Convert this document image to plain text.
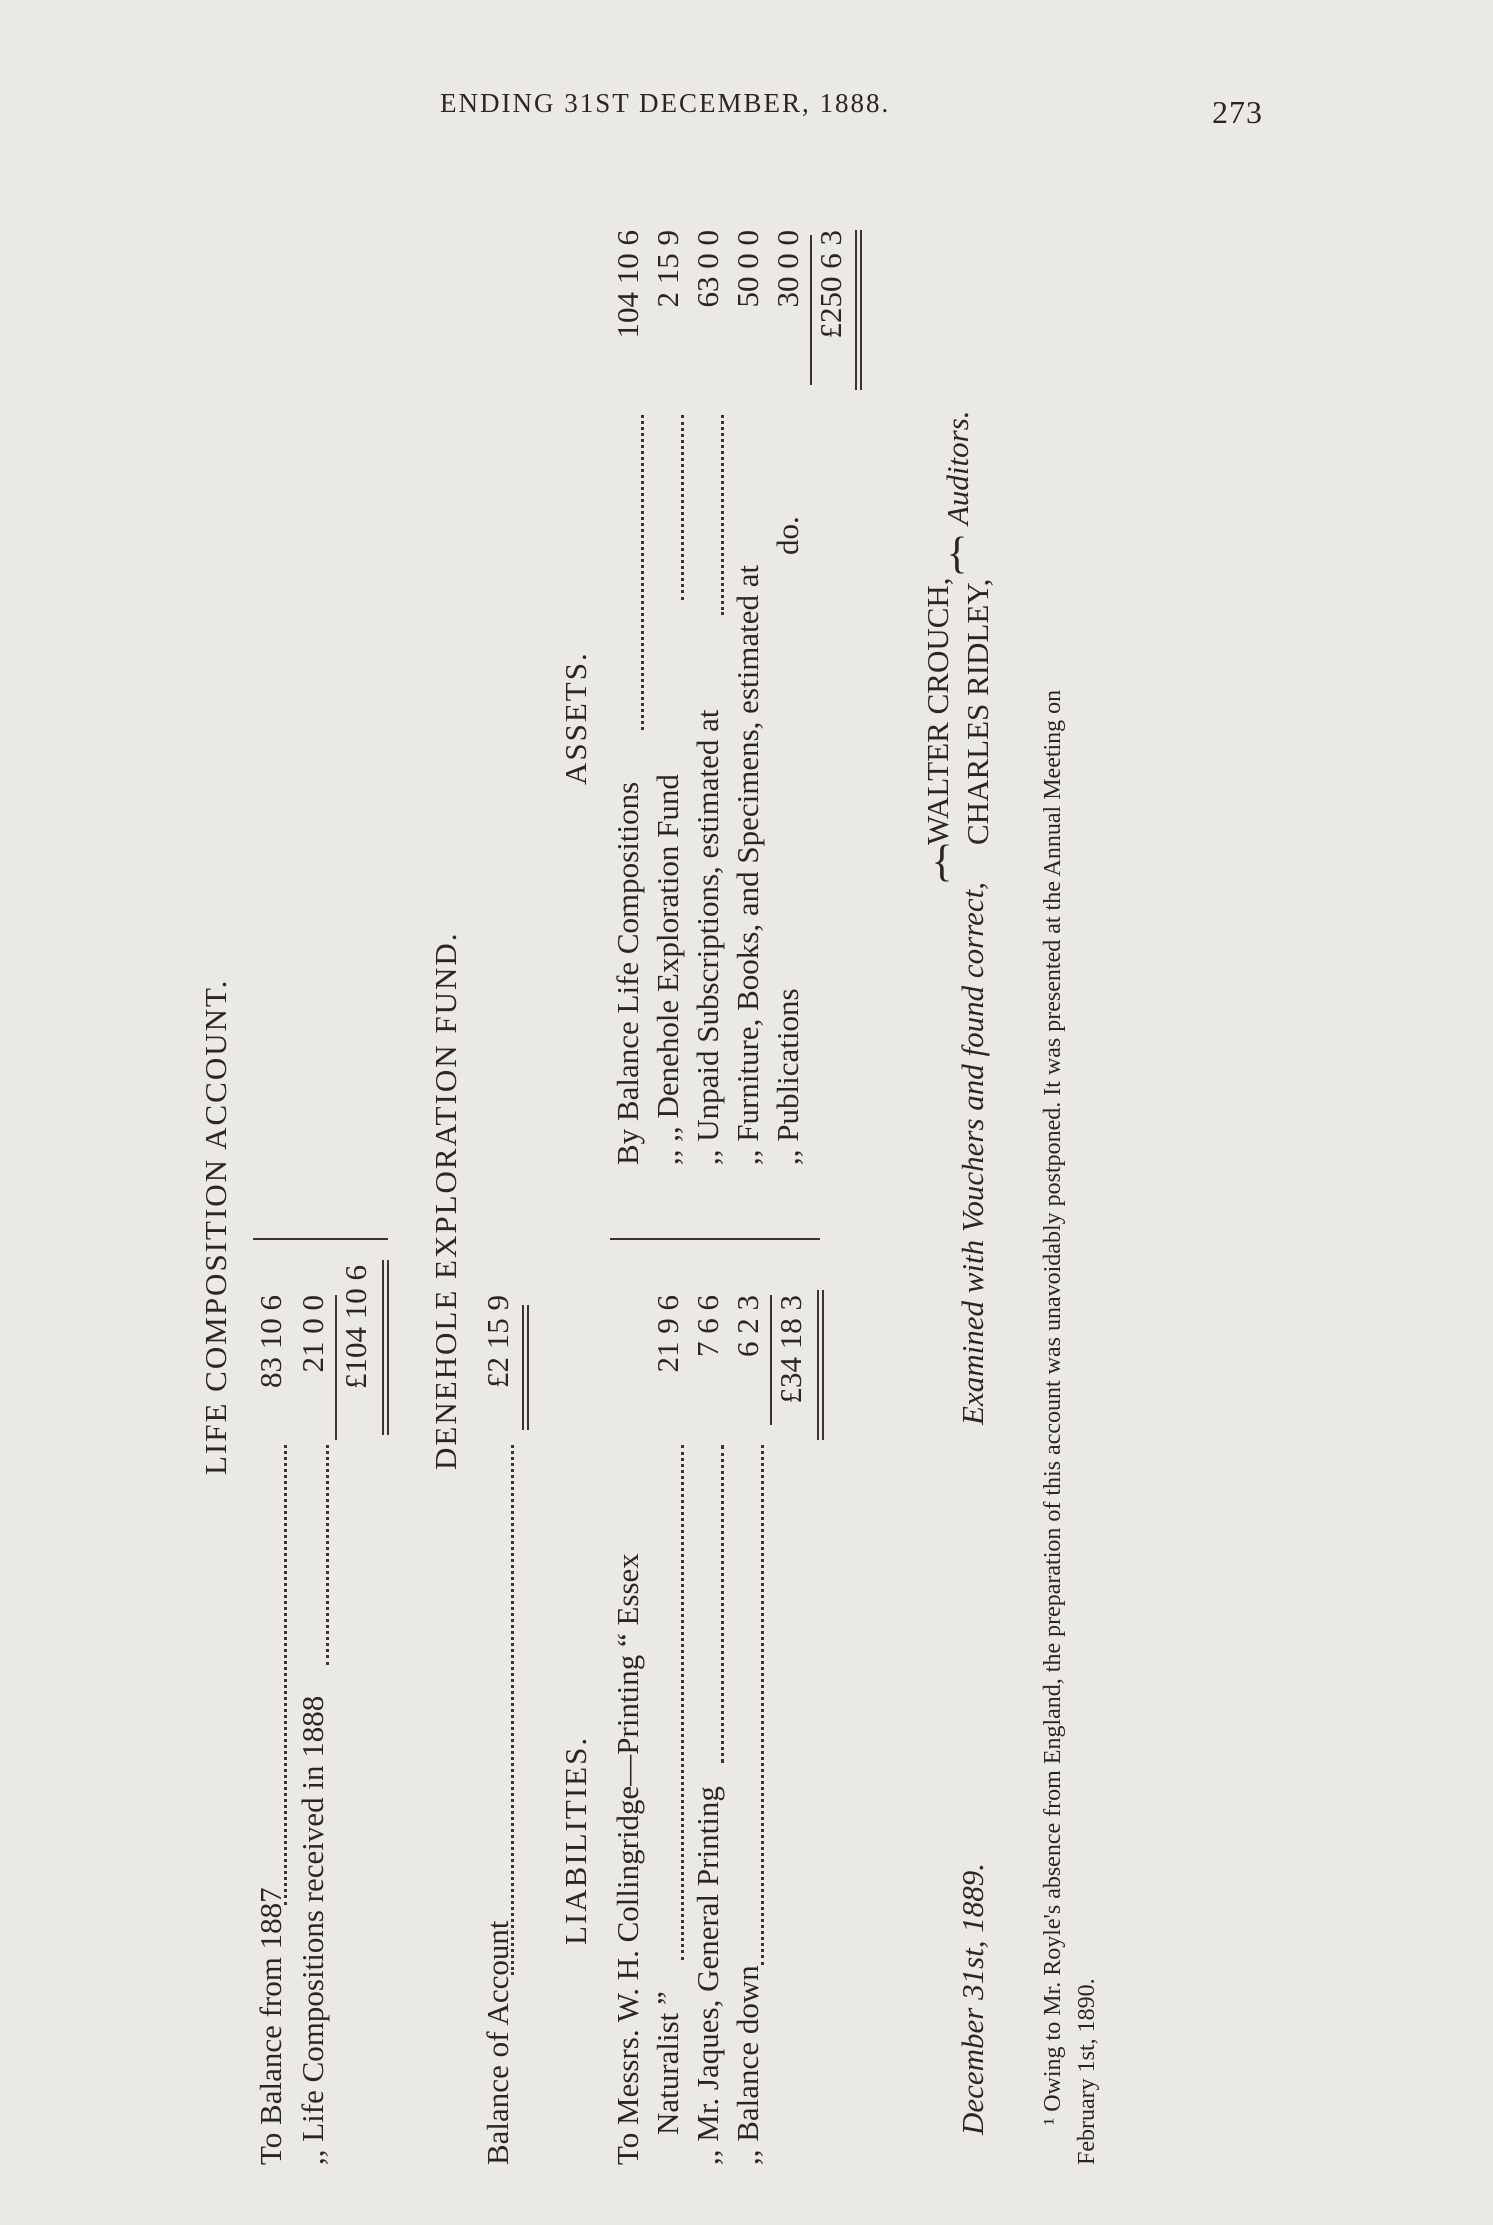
ENDING 31ST DECEMBER, 1888.	273
LIFE COMPOSITION ACCOUNT.
To Balance from 1887
83 10 6
,, Life Compositions received in 1888
21 0 0 £104 10 6 DENEHOLE EXPLORATION FUND.
Balance of Account
£2 15 9
LIABILITIES. To Messrs. W. H. Collingridge—Printing “ Essex Naturalist ”
21 9 6
,, Mr. Jaques, General Printing
7 6 6
,, Balance down
6 2 3 £34 18 3
ASSETS.
By Balance Life Compositions
104 10 6
,, ,, Denehole Exploration Fund
2 15 9
,, Unpaid Subscriptions, estimated at
63 0 0
,, Furniture, Books, and Specimens, estimated at
50 0 0
,, Publications
do.
30 0 0 £250 6 3
December 31st, 1889.
Examined with Vouchers and found correct,
{
WALTER CROUCH, CHARLES RIDLEY,
}
Auditors.
¹ Owing to Mr. Royle's absence from England, the preparation of this account was unavoidably postponed. It was presented at the Annual Meeting on February 1st, 1890.
